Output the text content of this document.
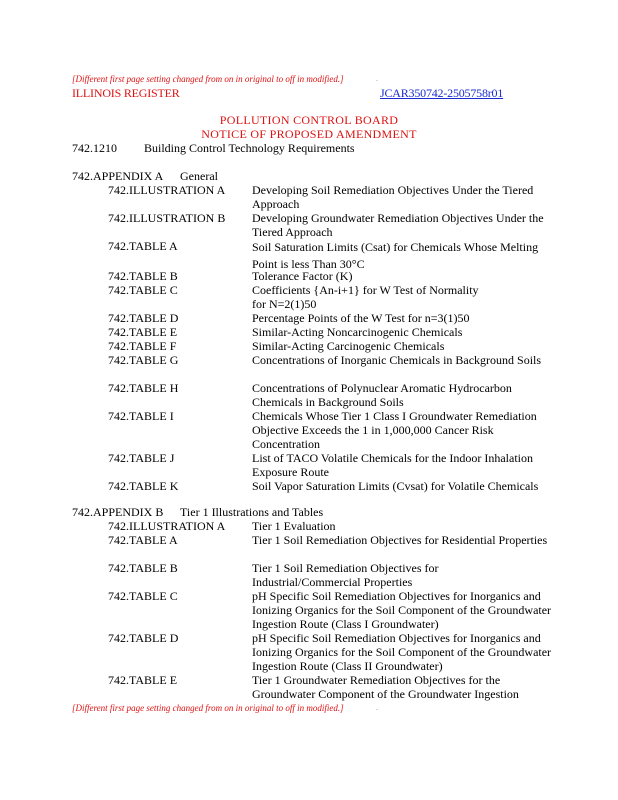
[Different first page setting changed from on in original to off in modified.]	.
ILLINOIS REGISTER	JCAR350742-2505758r01
POLLUTION CONTROL BOARD
NOTICE OF PROPOSED AMENDMENT
742.1210 Building Control Technology Requirements
742.APPENDIX A General
742.ILLUSTRATION A Developing Soil Remediation Objectives Under the Tiered Approach
742.ILLUSTRATION B Developing Groundwater Remediation Objectives Under the Tiered Approach
742.TABLE A	Soil Saturation Limits (Csat) for Chemicals Whose Melting Point is less Than 30°C
742.TABLE B	Tolerance Factor (K)
742.TABLE C	Coefficients {An-i+1} for W Test of Normality for N=2(1)50
742.TABLE D	Percentage Points of the W Test for n=3(1)50
742.TABLE E	Similar-Acting Noncarcinogenic Chemicals
742.TABLE F	Similar-Acting Carcinogenic Chemicals
742.TABLE G	Concentrations of Inorganic Chemicals in Background Soils
742.TABLE H	Concentrations of Polynuclear Aromatic Hydrocarbon Chemicals in Background Soils
742.TABLE I	Chemicals Whose Tier 1 Class I Groundwater Remediation Objective Exceeds the 1 in 1,000,000 Cancer Risk Concentration
742.TABLE J	List of TACO Volatile Chemicals for the Indoor Inhalation Exposure Route
742.TABLE K	Soil Vapor Saturation Limits (Cvsat) for Volatile Chemicals
742.APPENDIX B Tier 1 Illustrations and Tables
742.ILLUSTRATION A Tier 1 Evaluation
742.TABLE A	Tier 1 Soil Remediation Objectives for Residential Properties
742.TABLE B	Tier 1 Soil Remediation Objectives for Industrial/Commercial Properties
742.TABLE C	pH Specific Soil Remediation Objectives for Inorganics and Ionizing Organics for the Soil Component of the Groundwater Ingestion Route (Class I Groundwater)
742.TABLE D	pH Specific Soil Remediation Objectives for Inorganics and Ionizing Organics for the Soil Component of the Groundwater Ingestion Route (Class II Groundwater)
742.TABLE E	Tier 1 Groundwater Remediation Objectives for the Groundwater Component of the Groundwater Ingestion
[Different first page setting changed from on in original to off in modified.]	.
